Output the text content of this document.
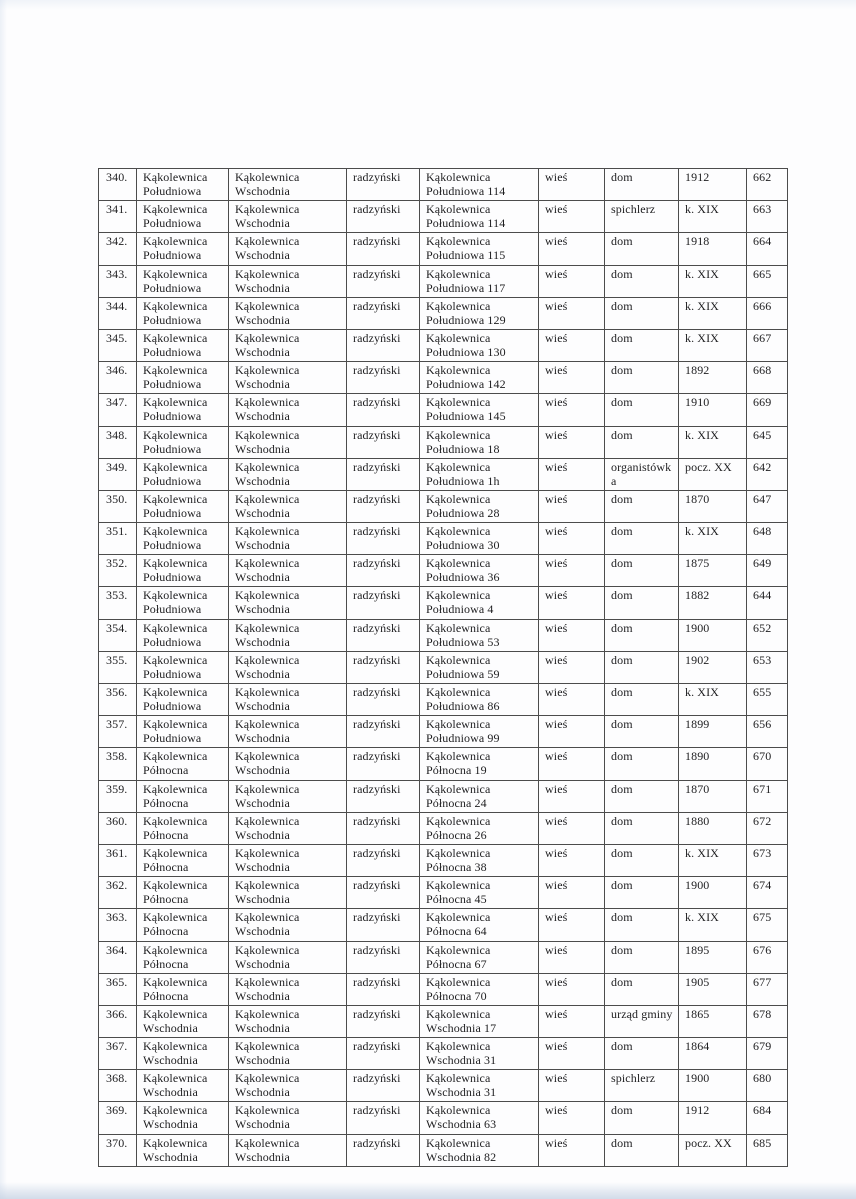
340.	Kąkolewnica Południowa	Kąkolewnica Wschodnia	radzyński	Kąkolewnica Południowa 114	wieś	dom	1912	662
341.	Kąkolewnica Południowa	Kąkolewnica Wschodnia	radzyński	Kąkolewnica Południowa 114	wieś	spichlerz	k. XIX	663
342.	Kąkolewnica Południowa	Kąkolewnica Wschodnia	radzyński	Kąkolewnica Południowa 115	wieś	dom	1918	664
343.	Kąkolewnica Południowa	Kąkolewnica Wschodnia	radzyński	Kąkolewnica Południowa 117	wieś	dom	k. XIX	665
344.	Kąkolewnica Południowa	Kąkolewnica Wschodnia	radzyński	Kąkolewnica Południowa 129	wieś	dom	k. XIX	666
345.	Kąkolewnica Południowa	Kąkolewnica Wschodnia	radzyński	Kąkolewnica Południowa 130	wieś	dom	k. XIX	667
346.	Kąkolewnica Południowa	Kąkolewnica Wschodnia	radzyński	Kąkolewnica Południowa 142	wieś	dom	1892	668
347.	Kąkolewnica Południowa	Kąkolewnica Wschodnia	radzyński	Kąkolewnica Południowa 145	wieś	dom	1910	669
348.	Kąkolewnica Południowa	Kąkolewnica Wschodnia	radzyński	Kąkolewnica Południowa 18	wieś	dom	k. XIX	645
349.	Kąkolewnica Południowa	Kąkolewnica Wschodnia	radzyński	Kąkolewnica Południowa 1h	wieś	organistówka	pocz. XX	642
350.	Kąkolewnica Południowa	Kąkolewnica Wschodnia	radzyński	Kąkolewnica Południowa 28	wieś	dom	1870	647
351.	Kąkolewnica Południowa	Kąkolewnica Wschodnia	radzyński	Kąkolewnica Południowa 30	wieś	dom	k. XIX	648
352.	Kąkolewnica Południowa	Kąkolewnica Wschodnia	radzyński	Kąkolewnica Południowa 36	wieś	dom	1875	649
353.	Kąkolewnica Południowa	Kąkolewnica Wschodnia	radzyński	Kąkolewnica Południowa 4	wieś	dom	1882	644
354.	Kąkolewnica Południowa	Kąkolewnica Wschodnia	radzyński	Kąkolewnica Południowa 53	wieś	dom	1900	652
355.	Kąkolewnica Południowa	Kąkolewnica Wschodnia	radzyński	Kąkolewnica Południowa 59	wieś	dom	1902	653
356.	Kąkolewnica Południowa	Kąkolewnica Wschodnia	radzyński	Kąkolewnica Południowa 86	wieś	dom	k. XIX	655
357.	Kąkolewnica Południowa	Kąkolewnica Wschodnia	radzyński	Kąkolewnica Południowa 99	wieś	dom	1899	656
358.	Kąkolewnica Północna	Kąkolewnica Wschodnia	radzyński	Kąkolewnica Północna 19	wieś	dom	1890	670
359.	Kąkolewnica Północna	Kąkolewnica Wschodnia	radzyński	Kąkolewnica Północna 24	wieś	dom	1870	671
360.	Kąkolewnica Północna	Kąkolewnica Wschodnia	radzyński	Kąkolewnica Północna 26	wieś	dom	1880	672
361.	Kąkolewnica Północna	Kąkolewnica Wschodnia	radzyński	Kąkolewnica Północna 38	wieś	dom	k. XIX	673
362.	Kąkolewnica Północna	Kąkolewnica Wschodnia	radzyński	Kąkolewnica Północna 45	wieś	dom	1900	674
363.	Kąkolewnica Północna	Kąkolewnica Wschodnia	radzyński	Kąkolewnica Północna 64	wieś	dom	k. XIX	675
364.	Kąkolewnica Północna	Kąkolewnica Wschodnia	radzyński	Kąkolewnica Północna 67	wieś	dom	1895	676
365.	Kąkolewnica Północna	Kąkolewnica Wschodnia	radzyński	Kąkolewnica Północna 70	wieś	dom	1905	677
366.	Kąkolewnica Wschodnia	Kąkolewnica Wschodnia	radzyński	Kąkolewnica Wschodnia 17	wieś	urząd gminy	1865	678
367.	Kąkolewnica Wschodnia	Kąkolewnica Wschodnia	radzyński	Kąkolewnica Wschodnia 31	wieś	dom	1864	679
368.	Kąkolewnica Wschodnia	Kąkolewnica Wschodnia	radzyński	Kąkolewnica Wschodnia 31	wieś	spichlerz	1900	680
369.	Kąkolewnica Wschodnia	Kąkolewnica Wschodnia	radzyński	Kąkolewnica Wschodnia 63	wieś	dom	1912	684
370.	Kąkolewnica Wschodnia	Kąkolewnica Wschodnia	radzyński	Kąkolewnica Wschodnia 82	wieś	dom	pocz. XX	685
